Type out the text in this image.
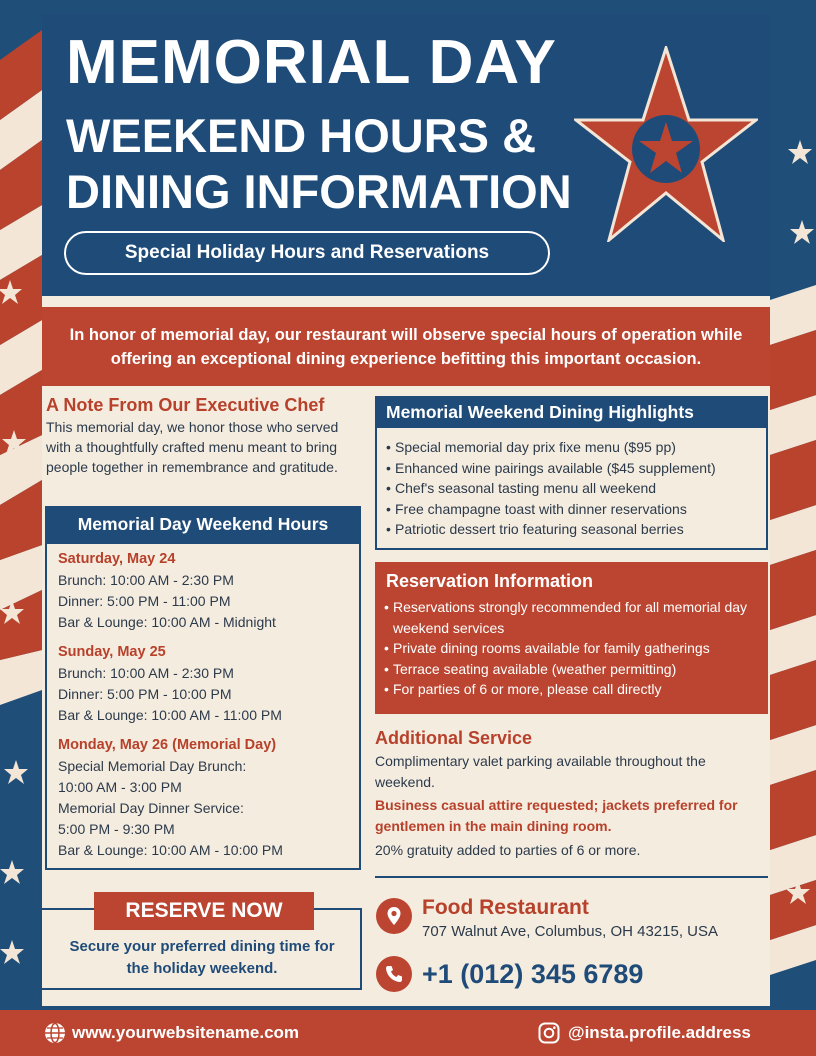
MEMORIAL DAY
WEEKEND HOURS &
DINING INFORMATION
Special Holiday Hours and Reservations
In honor of memorial day, our restaurant will observe special hours of operation while offering an exceptional dining experience befitting this important occasion.
A Note From Our Executive Chef
This memorial day, we honor those who served with a thoughtfully crafted menu meant to bring people together in remembrance and gratitude.
Memorial Day Weekend Hours
Saturday, May 24
Brunch: 10:00 AM - 2:30 PM
Dinner: 5:00 PM - 11:00 PM
Bar & Lounge: 10:00 AM - Midnight
Sunday, May 25
Brunch: 10:00 AM - 2:30 PM
Dinner: 5:00 PM - 10:00 PM
Bar & Lounge: 10:00 AM - 11:00 PM
Monday, May 26 (Memorial Day)
Special Memorial Day Brunch:
10:00 AM - 3:00 PM
Memorial Day Dinner Service:
5:00 PM - 9:30 PM
Bar & Lounge: 10:00 AM - 10:00 PM
Memorial Weekend Dining Highlights
• Special memorial day prix fixe menu ($95 pp)
• Enhanced wine pairings available ($45 supplement)
• Chef's seasonal tasting menu all weekend
• Free champagne toast with dinner reservations
• Patriotic dessert trio featuring seasonal berries
Reservation Information
• Reservations strongly recommended for all memorial day weekend services
• Private dining rooms available for family gatherings
• Terrace seating available (weather permitting)
• For parties of 6 or more, please call directly
Additional Service
Complimentary valet parking available throughout the weekend.
Business casual attire requested; jackets preferred for gentlemen in the main dining room.
20% gratuity added to parties of 6 or more.
RESERVE NOW
Secure your preferred dining time for the holiday weekend.
Food Restaurant
707 Walnut Ave, Columbus, OH 43215, USA
+1 (012) 345 6789
www.yourwebsitename.com	@insta.profile.address
